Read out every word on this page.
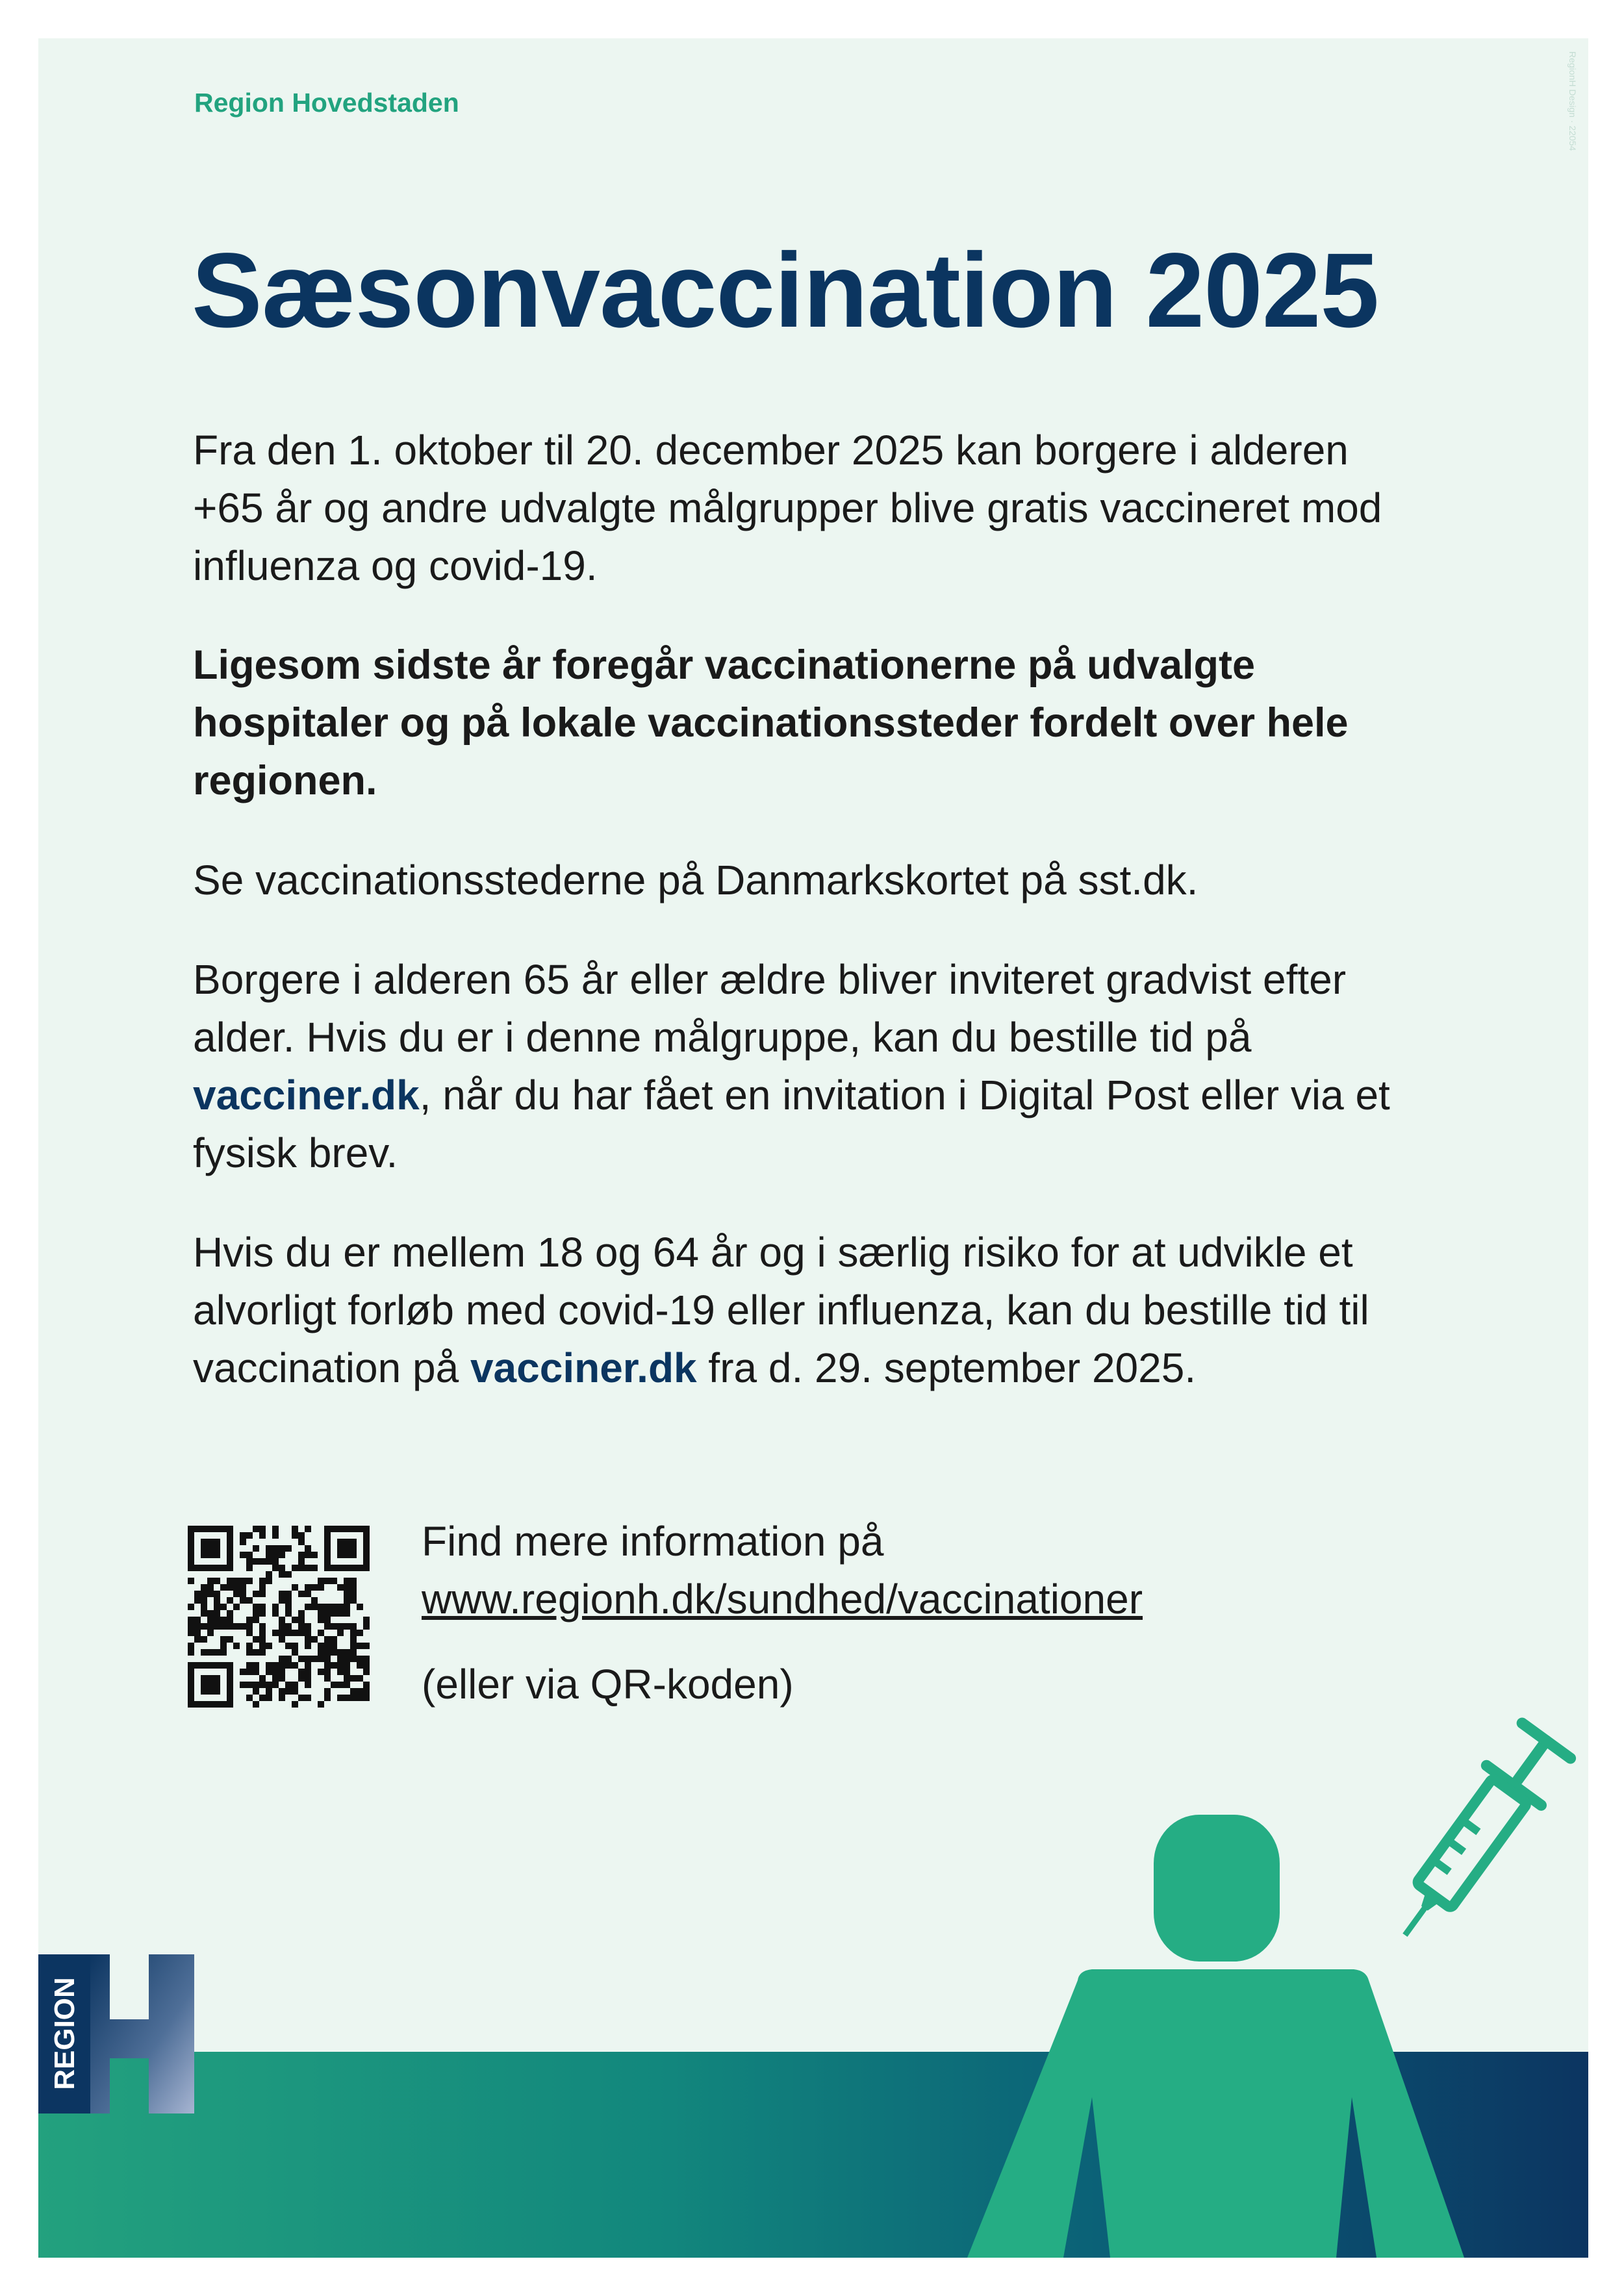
Region Hovedstaden	RegionH Design · 22054
Sæsonvaccination 2025

Fra den 1. oktober til 20. december 2025 kan borgere i alderen +65 år og andre udvalgte målgrupper blive gratis vaccineret mod influenza og covid-19.

Ligesom sidste år foregår vaccinationerne på udvalgte hospitaler og på lokale vaccinationssteder fordelt over hele regionen.

Se vaccinationsstederne på Danmarkskortet på sst.dk.

Borgere i alderen 65 år eller ældre bliver inviteret gradvist efter alder. Hvis du er i denne målgruppe, kan du bestille tid på vacciner.dk, når du har fået en invitation i Digital Post eller via et fysisk brev.

Hvis du er mellem 18 og 64 år og i særlig risiko for at udvikle et alvorligt forløb med covid-19 eller influenza, kan du bestille tid til vaccination på vacciner.dk fra d. 29. september 2025.

Find mere information på

www.regionh.dk/sundhed/vaccinationer

(eller via QR-koden)

REGION
